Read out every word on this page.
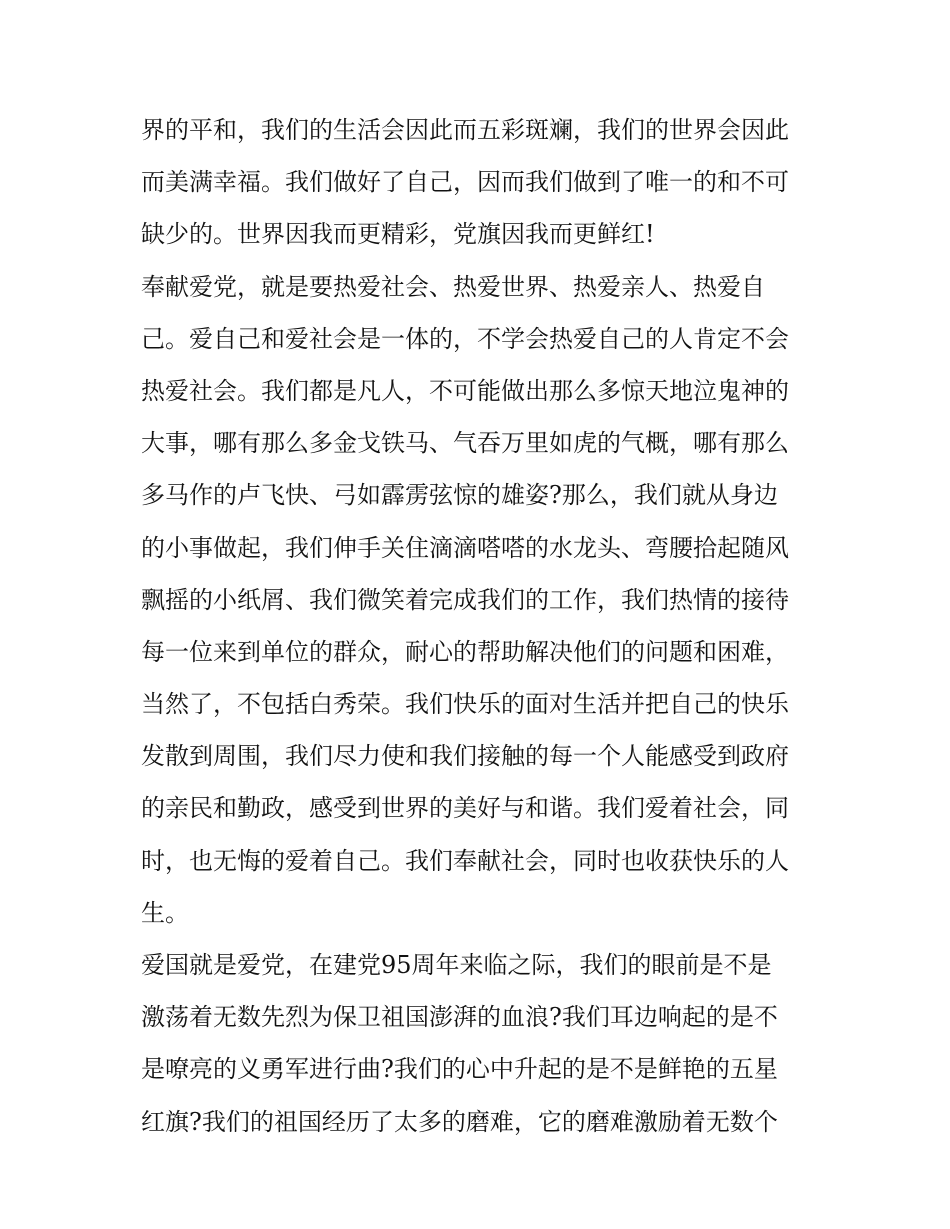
界的平和，我们的生活会因此而五彩斑斓，我们的世界会因此
而美满幸福。我们做好了自己，因而我们做到了唯一的和不可
缺少的。世界因我而更精彩，党旗因我而更鲜红!
奉献爱党，就是要热爱社会、热爱世界、热爱亲人、热爱自
己。爱自己和爱社会是一体的，不学会热爱自己的人肯定不会
热爱社会。我们都是凡人，不可能做出那么多惊天地泣鬼神的
大事，哪有那么多金戈铁马、气吞万里如虎的气概，哪有那么
多马作的卢飞快、弓如霹雳弦惊的雄姿?那么，我们就从身边
的小事做起，我们伸手关住滴滴嗒嗒的水龙头、弯腰拾起随风
飘摇的小纸屑、我们微笑着完成我们的工作，我们热情的接待
每一位来到单位的群众，耐心的帮助解决他们的问题和困难，
当然了，不包括白秀荣。我们快乐的面对生活并把自己的快乐
发散到周围，我们尽力使和我们接触的每一个人能感受到政府
的亲民和勤政，感受到世界的美好与和谐。我们爱着社会，同
时，也无悔的爱着自己。我们奉献社会，同时也收获快乐的人
生。
爱国就是爱党，在建党95周年来临之际，我们的眼前是不是
激荡着无数先烈为保卫祖国澎湃的血浪?我们耳边响起的是不
是嘹亮的义勇军进行曲?我们的心中升起的是不是鲜艳的五星
红旗?我们的祖国经历了太多的磨难，它的磨难激励着无数个
